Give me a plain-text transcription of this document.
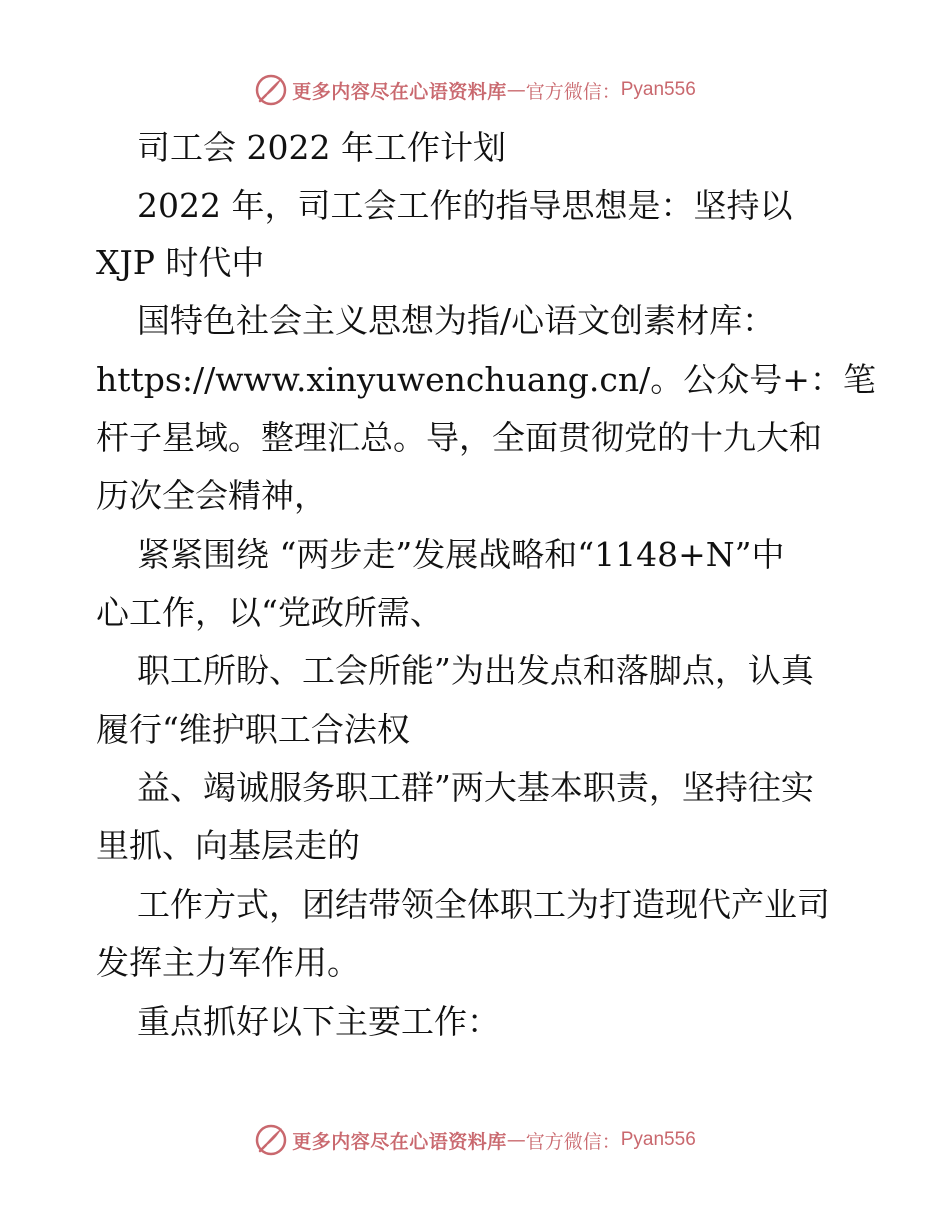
更多内容尽在心语资料库 — 官方微信： Pyan556
司工会 2022 年工作计划
2022 年，司工会工作的指导思想是：坚持以
XJP 时代中
国特色社会主义思想为指/心语文创素材库：
https://www.xinyuwenchuang.cn/。公众号+：笔
杆子星域。整理汇总。导，全面贯彻党的十九大和
历次全会精神，
紧紧围绕 “两步走”发展战略和“1148+N”中
心工作，以“党政所需、
职工所盼、工会所能”为出发点和落脚点，认真
履行“维护职工合法权
益、竭诚服务职工群”两大基本职责，坚持往实
里抓、向基层走的
工作方式，团结带领全体职工为打造现代产业司
发挥主力军作用。
重点抓好以下主要工作：
更多内容尽在心语资料库 — 官方微信： Pyan556
